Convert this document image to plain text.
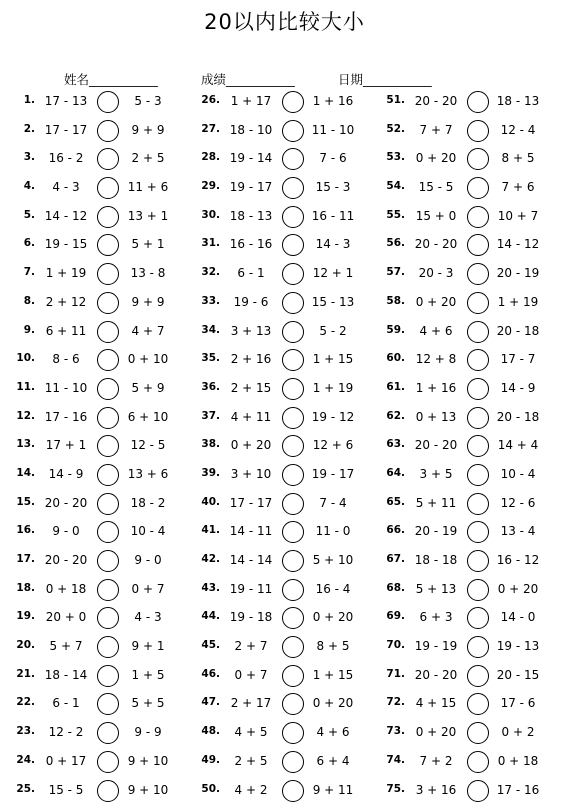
20以内比较大小
姓名___________	成绩___________	日期___________
1. 17 - 13	5 - 3	26. 1 + 17	1 + 16	51. 20 - 20	18 - 13
2. 17 - 17	9 + 9	27. 18 - 10	11 - 10	52.	7 + 7	12 - 4
3.	16 - 2	2 + 5	28. 19 - 14	7 - 6	53. 0 + 20	8 + 5
4.	4 - 3	11 + 6	29. 19 - 17	15 - 3	54.	15 - 5	7 + 6
5. 14 - 12	13 + 1	30. 18 - 13	16 - 11	55. 15 + 0	10 + 7
6. 19 - 15	5 + 1	31. 16 - 16	14 - 3	56. 20 - 20	14 - 12
7. 1 + 19	13 - 8	32.	6 - 1	12 + 1	57.	20 - 3	20 - 19
8. 2 + 12	9 + 9	33.	19 - 6	15 - 13	58. 0 + 20	1 + 19
9. 6 + 11	4 + 7	34. 3 + 13	5 - 2	59.	4 + 6	20 - 18
10.	8 - 6	0 + 10	35. 2 + 16	1 + 15	60. 12 + 8	17 - 7
11. 11 - 10	5 + 9	36. 2 + 15	1 + 19	61. 1 + 16	14 - 9
12. 17 - 16	6 + 10	37. 4 + 11	19 - 12	62. 0 + 13	20 - 18
13. 17 + 1	12 - 5	38. 0 + 20	12 + 6	63. 20 - 20	14 + 4
14.	14 - 9	13 + 6	39. 3 + 10	19 - 17	64.	3 + 5	10 - 4
15. 20 - 20	18 - 2	40. 17 - 17	7 - 4	65. 5 + 11	12 - 6
16.	9 - 0	10 - 4	41. 14 - 11	11 - 0	66. 20 - 19	13 - 4
17. 20 - 20	9 - 0	42. 14 - 14	5 + 10	67. 18 - 18	16 - 12
18. 0 + 18	0 + 7	43. 19 - 11	16 - 4	68. 5 + 13	0 + 20
19. 20 + 0	4 - 3	44. 19 - 18	0 + 20	69.	6 + 3	14 - 0
20.	5 + 7	9 + 1	45.	2 + 7	8 + 5	70. 19 - 19	19 - 13
21. 18 - 14	1 + 5	46.	0 + 7	1 + 15	71. 20 - 20	20 - 15
22.	6 - 1	5 + 5	47. 2 + 17	0 + 20	72. 4 + 15	17 - 6
23.	12 - 2	9 - 9	48.	4 + 5	4 + 6	73. 0 + 20	0 + 2
24. 0 + 17	9 + 10	49.	2 + 5	6 + 4	74.	7 + 2	0 + 18
25.	15 - 5	9 + 10	50.	4 + 2	9 + 11	75. 3 + 16	17 - 16
